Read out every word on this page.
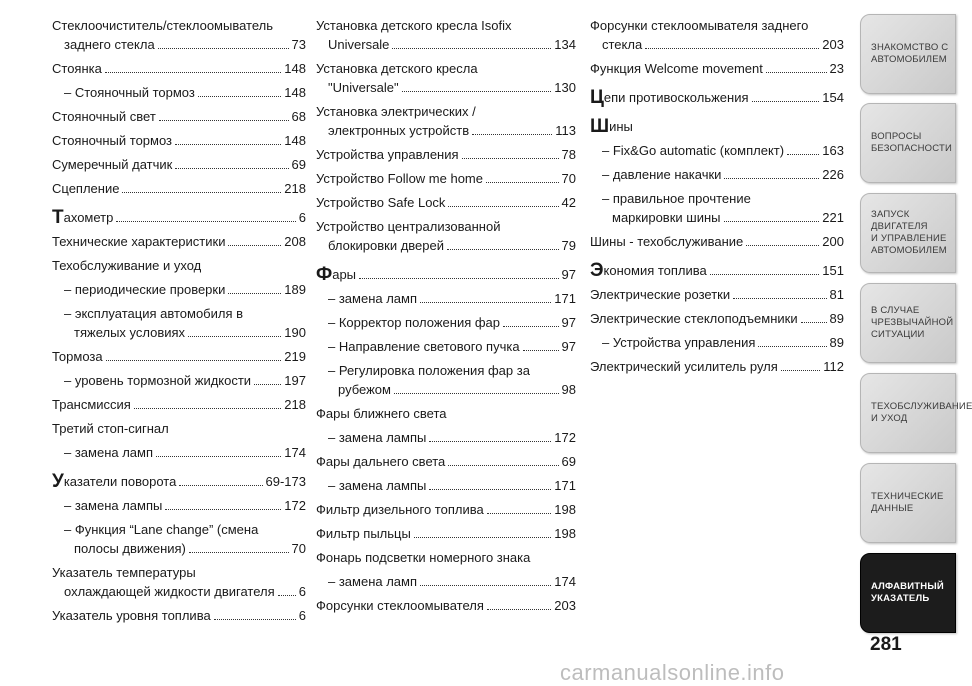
Стеклоочиститель/стеклоомыватель
заднего стекла	73
Стоянка	148
– Стояночный тормоз	148
Стояночный свет	68
Стояночный тормоз	148
Сумеречный датчик	69
Сцепление	218
Т ахометр	6
Технические характеристики	208
Техобслуживание и уход
– периодические проверки	189
– эксплуатация автомобиля в
тяжелых условиях	190
Тормоза	219
– уровень тормозной жидкости	197
Трансмиссия	218
Третий стоп-сигнал
– замена ламп	174
У казатели поворота	69-173
– замена лампы	172
– Функция “Lane change” (смена
полосы движения)	70
Указатель температуры
охлаждающей жидкости двигателя 6
Указатель уровня топлива	6
Установка детского кресла Isofix
Universale	134
Установка детского кресла
"Universale"	130
Установка электрических /
электронных устройств	113
Устройства управления	78
Устройство Follow me home	70
Устройство Safe Lock	42
Устройство централизованной
блокировки дверей	79
Ф ары	97
– замена ламп	171
– Корректор положения фар	97
– Направление светового пучка	97
– Регулировка положения фар за
рубежом	98
Фары ближнего света
– замена лампы	172
Фары дальнего света	69
– замена лампы	171
Фильтр дизельного топлива	198
Фильтр пыльцы	198
Фонарь подсветки номерного знака
– замена ламп	174
Форсунки стеклоомывателя	203
Форсунки стеклоомывателя заднего
стекла	203
Функция Welcome movement	23
Ц епи противоскольжения	154
Ш ины
– Fix&Go automatic (комплект)	163
– давление накачки	226
– правильное прочтение
маркировки шины	221
Шины - техобслуживание	200
Э кономия топлива	151
Электрические розетки	81
Электрические стеклоподъемники 89
– Устройства управления	89
Электрический усилитель руля	112
ЗНАКОМСТВО С
АВТОМОБИЛЕМ
ВОПРОСЫ
БЕЗОПАСНОСТИ
ЗАПУСК ДВИГАТЕЛЯ
И УПРАВЛЕНИЕ
АВТОМОБИЛЕМ
В СЛУЧАЕ
ЧРЕЗВЫЧАЙНОЙ
СИТУАЦИИ
ТЕХОБСЛУЖИВАНИЕ
И УХОД
ТЕХНИЧЕСКИЕ
ДАННЫЕ
АЛФАВИТНЫЙ
УКАЗАТЕЛЬ
281
carmanualsonline.info
